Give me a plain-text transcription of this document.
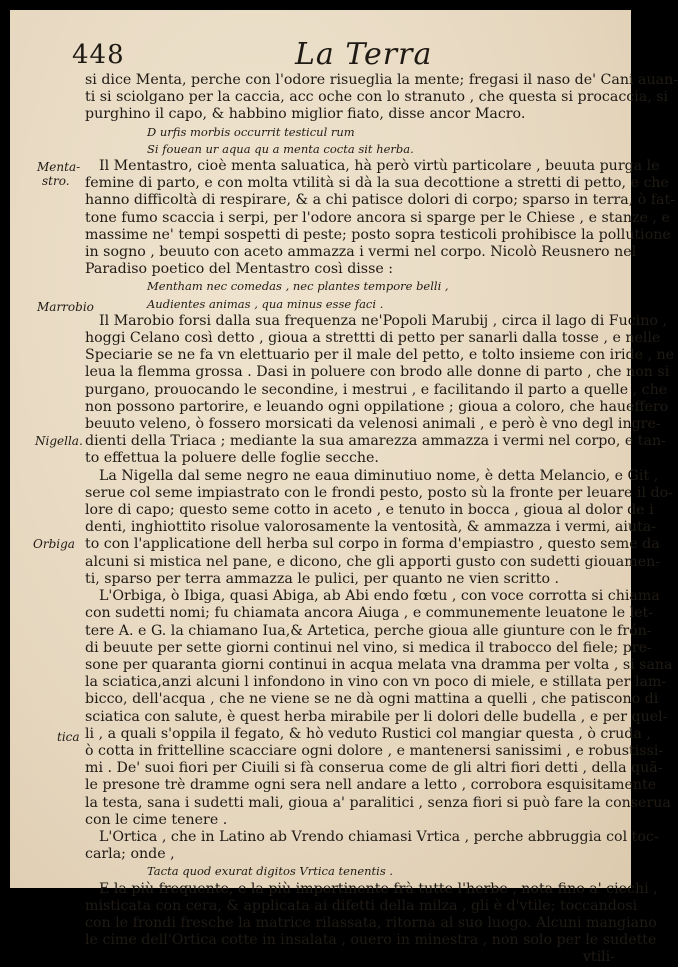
448	La Terra
Menta-
stro.
Marrobio
Nigella.
Orbiga
tica
si dice Menta, perche con l'odore risueglia la mente; fregasi il naso de' Cani auan-
ti si sciolgano per la caccia, acc oche con lo stranuto , che questa si procaccia, si
purghino il capo, & habbino miglior fiato, disse ancor Macro.
D urfis morbis occurrit testicul rum
Si fouean ur aqua qu a menta cocta sit herba.
Il Mentastro, cioè menta saluatica, hà però virtù particolare , beuuta purga le
femine di parto, e con molta vtilità si dà la sua decottione a stretti di petto, e che
hanno difficoltà di respirare, & a chi patisce dolori di corpo; sparso in terra, ò fat-
tone fumo scaccia i serpi, per l'odore ancora si sparge per le Chiese , e stanze , e
massime ne' tempi sospetti di peste; posto sopra testicoli prohibisce la pollutione
in sogno , beuuto con aceto ammazza i vermi nel corpo. Nicolò Reusnero nel
Paradiso poetico del Mentastro così disse :
Mentham nec comedas , nec plantes tempore belli ,
Audientes animas , qua minus esse faci .
Il Marobio forsi dalla sua frequenza ne'Popoli Marubij , circa il lago di Fucino ,
hoggi Celano così detto , gioua a strettti di petto per sanarli dalla tosse , e nelle
Speciarie se ne fa vn elettuario per il male del petto, e tolto insieme con iride , ne
leua la flemma grossa . Dasi in poluere con brodo alle donne di parto , che non si
purgano, prouocando le secondine, i mestrui , e facilitando il parto a quelle , che
non possono partorire, e leuando ogni oppilatione ; gioua a coloro, che haueffero
beuuto veleno, ò fossero morsicati da velenosi animali , e però è vno degl ingre-
dienti della Triaca ; mediante la sua amarezza ammazza i vermi nel corpo, e tan-
to effettua la poluere delle foglie secche.
La Nigella dal seme negro ne eaua diminutiuo nome, è detta Melancio, e Git ,
serue col seme impiastrato con le frondi pesto, posto sù la fronte per leuare il do-
lore di capo; questo seme cotto in aceto , e tenuto in bocca , gioua al dolor de i
denti, inghiottito risolue valorosamente la ventosità, & ammazza i vermi, aiuta-
to con l'applicatione dell herba sul corpo in forma d'empiastro , questo seme da
alcuni si mistica nel pane, e dicono, che gli apporti gusto con sudetti giouamen-
ti, sparso per terra ammazza le pulici, per quanto ne vien scritto .
L'Orbiga, ò Ibiga, quasi Abiga, ab Abi endo fœtu , con voce corrotta si chiama
con sudetti nomi; fu chiamata ancora Aiuga , e communemente leuatone le let-
tere A. e G. la chiamano Iua,& Artetica, perche gioua alle giunture con le frón-
di beuute per sette giorni continui nel vino, si medica il trabocco del fiele; pre-
sone per quaranta giorni continui in acqua melata vna dramma per volta , si sana
la sciatica,anzi alcuni l infondono in vino con vn poco di miele, e stillata per lam-
bicco, dell'acqua , che ne viene se ne dà ogni mattina a quelli , che patiscono di
sciatica con salute, è quest herba mirabile per li dolori delle budella , e per quel-
li , a quali s'oppila il fegato, & hò veduto Rustici col mangiar questa , ò cruda ,
ò cotta in frittelline scacciare ogni dolore , e mantenersi sanissimi , e robustissi-
mi . De' suoi fiori per Ciuili si fà conserua come de gli altri fiori detti , della quã-
le presone trè dramme ogni sera nell andare a letto , corrobora esquisitamente
la testa, sana i sudetti mali, gioua a' paralitici , senza fiori si può fare la conserua
con le cime tenere .
L'Ortica , che in Latino ab Vrendo chiamasi Vrtica , perche abbruggia col toc-
carla; onde ,
Tacta quod exurat digitos Vrtica tenentis .
E la più frequente, e la più impertinente frà tutte l'herbe , nota fino a' ciechi ,
misticata con cera, & applicata ai difetti della milza , gli è d'vtile; toccandosi
con le frondi fresche la matrice rilassata, ritorna al suo luogo. Alcuni mangiano
le cime dell'Ortica cotte in insalata , ouero in minestra , non solo per le sudette
vtili-
